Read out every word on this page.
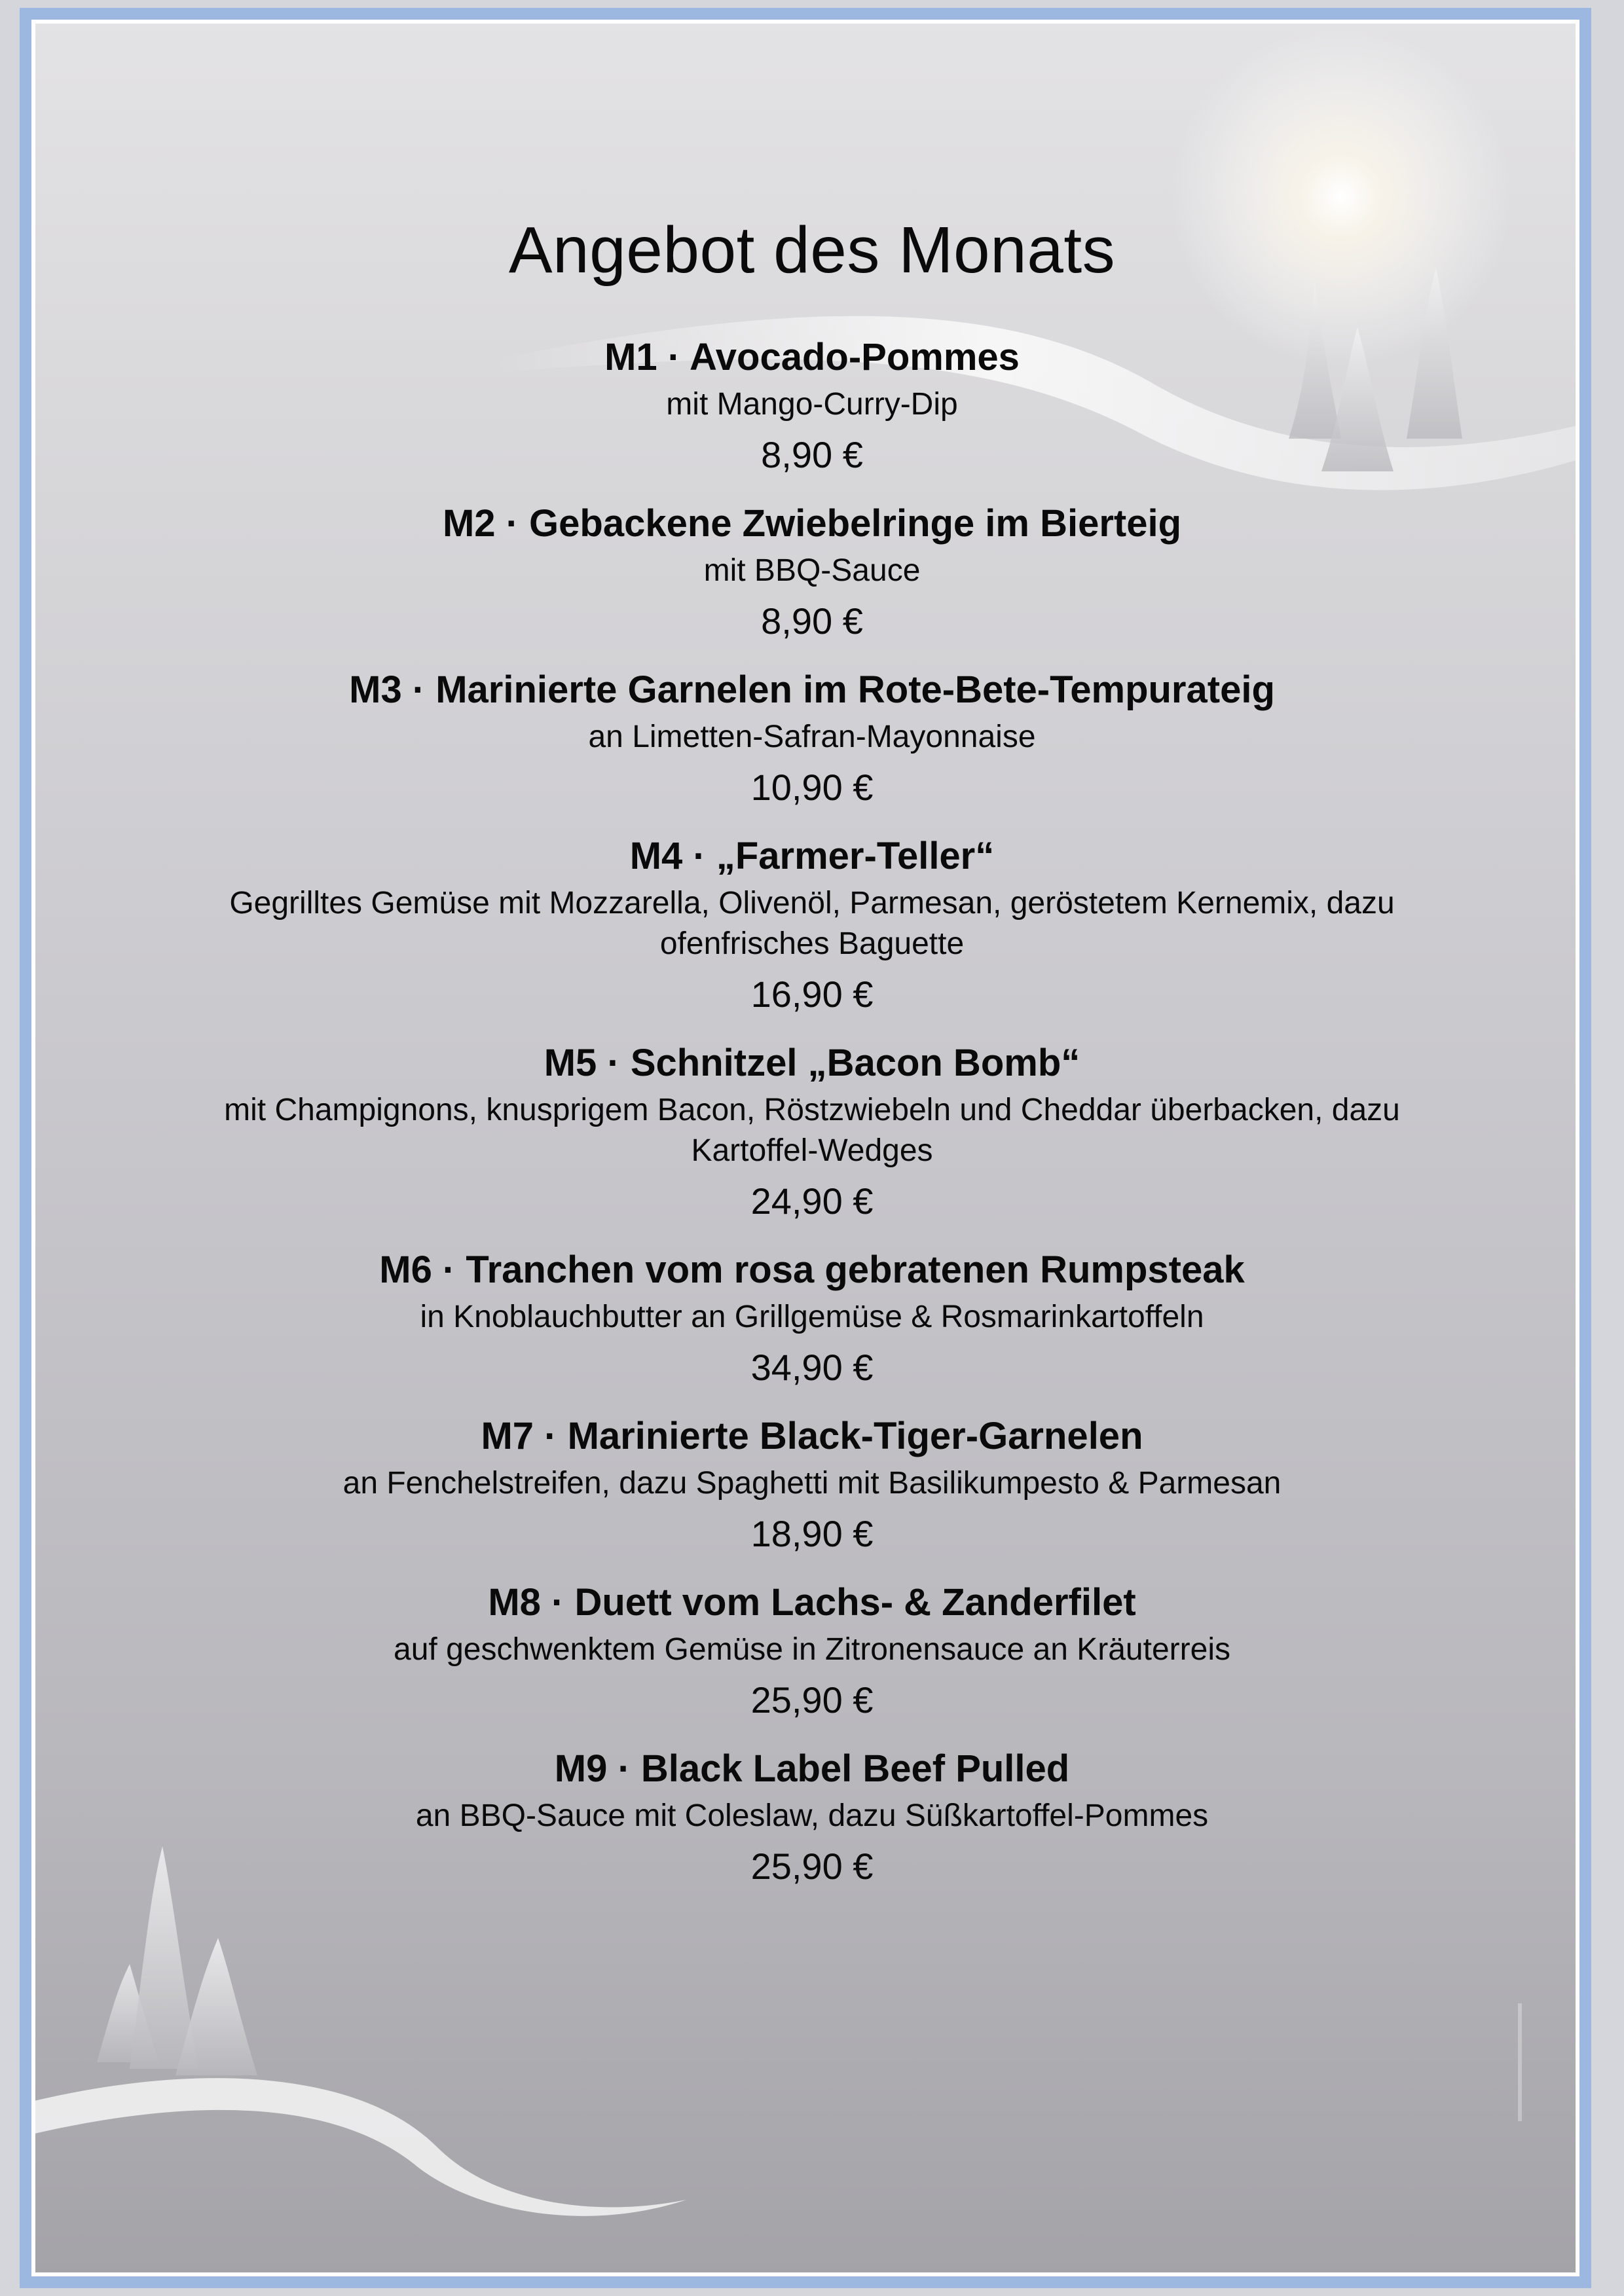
Angebot des Monats
M1 · Avocado-Pommes
mit Mango-Curry-Dip
8,90 €
M2 · Gebackene Zwiebelringe im Bierteig
mit BBQ-Sauce
8,90 €
M3 · Marinierte Garnelen im Rote-Bete-Tempurateig
an Limetten-Safran-Mayonnaise
10,90 €
M4 · „Farmer-Teller“
Gegrilltes Gemüse mit Mozzarella, Olivenöl, Parmesan, geröstetem Kernemix, dazu ofenfrisches Baguette
16,90 €
M5 · Schnitzel „Bacon Bomb“
mit Champignons, knusprigem Bacon, Röstzwiebeln und Cheddar überbacken, dazu Kartoffel-Wedges
24,90 €
M6 · Tranchen vom rosa gebratenen Rumpsteak
in Knoblauchbutter an Grillgemüse & Rosmarinkartoffeln
34,90 €
M7 · Marinierte Black-Tiger-Garnelen
an Fenchelstreifen, dazu Spaghetti mit Basilikumpesto & Parmesan
18,90 €
M8 · Duett vom Lachs- & Zanderfilet
auf geschwenktem Gemüse in Zitronensauce an Kräuterreis
25,90 €
M9 · Black Label Beef Pulled
an BBQ-Sauce mit Coleslaw, dazu Süßkartoffel-Pommes
25,90 €
